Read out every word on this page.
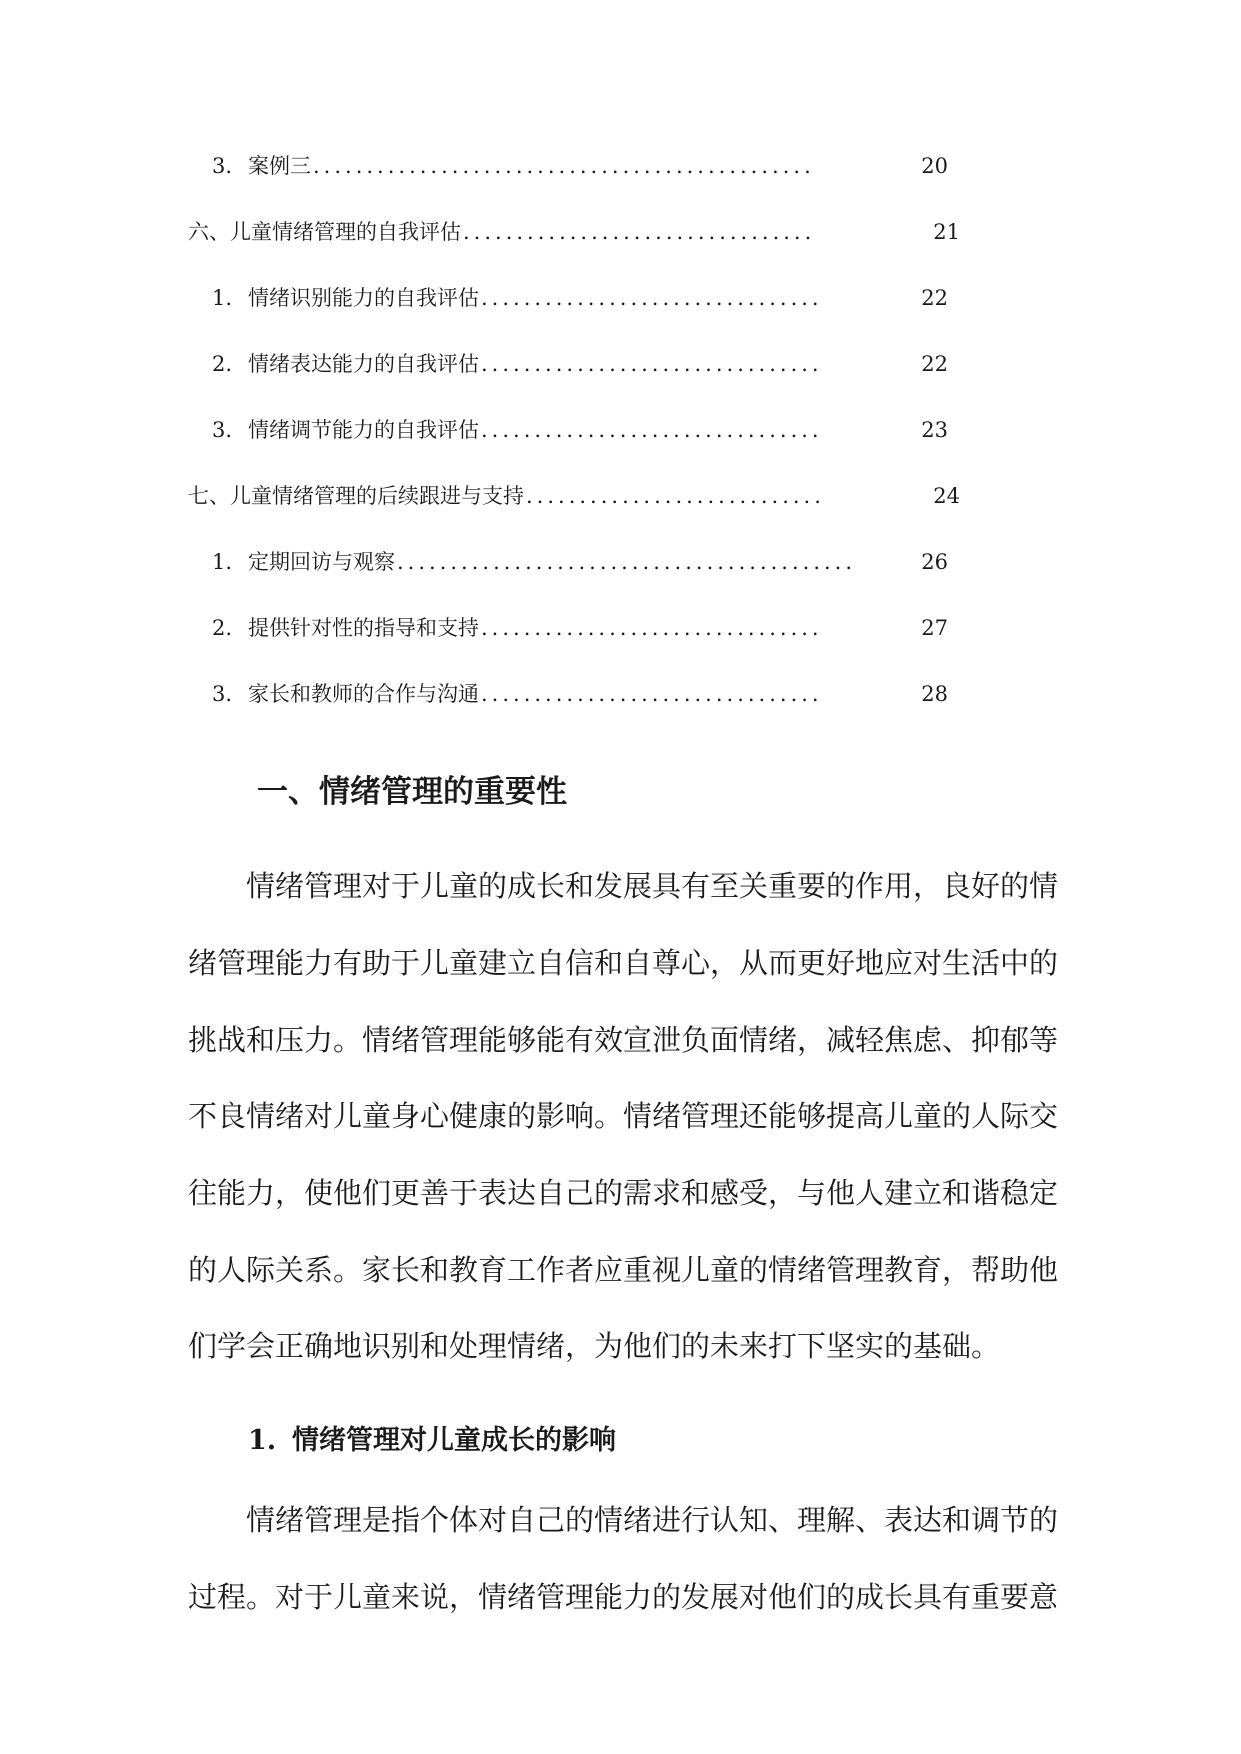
3. 案例三 ...............................................	20
六、儿童情绪管理的自我评估 .................................	21
1. 情绪识别能力的自我评估 ................................	22
2. 情绪表达能力的自我评估 ................................	22
3. 情绪调节能力的自我评估 ................................	23
七、儿童情绪管理的后续跟进与支持 ............................	24
1. 定期回访与观察 ...........................................	26
2. 提供针对性的指导和支持 ................................	27
3. 家长和教师的合作与沟通 ................................	28
一、情绪管理的重要性
情绪管理对于儿童的成长和发展具有至关重要的作用，良好的情
绪管理能力有助于儿童建立自信和自尊心，从而更好地应对生活中的
挑战和压力。情绪管理能够能有效宣泄负面情绪，减轻焦虑、抑郁等
不良情绪对儿童身心健康的影响。情绪管理还能够提高儿童的人际交
往能力，使他们更善于表达自己的需求和感受，与他人建立和谐稳定
的人际关系。家长和教育工作者应重视儿童的情绪管理教育，帮助他
们学会正确地识别和处理情绪，为他们的未来打下坚实的基础。
1. 情绪管理对儿童成长的影响
情绪管理是指个体对自己的情绪进行认知、理解、表达和调节的
过程。对于儿童来说，情绪管理能力的发展对他们的成长具有重要意
